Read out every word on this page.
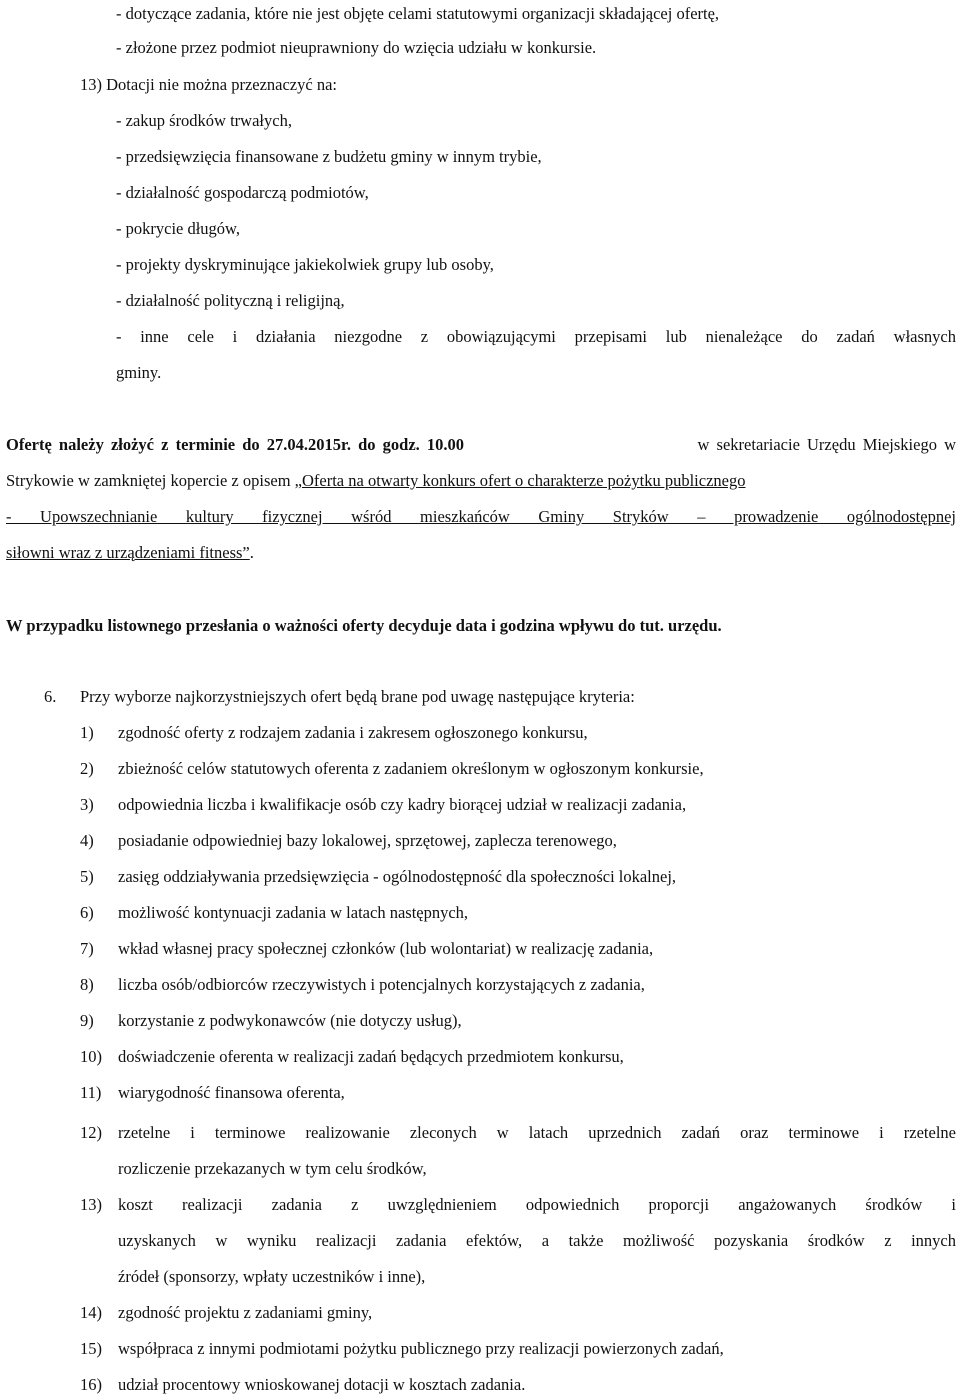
- dotyczące zadania, które nie jest objęte celami statutowymi organizacji składającej ofertę,
- złożone przez podmiot nieuprawniony do wzięcia udziału w konkursie.
13) Dotacji nie można przeznaczyć na:
- zakup środków trwałych,
- przedsięwzięcia finansowane z budżetu gminy w innym trybie,
- działalność gospodarczą podmiotów,
- pokrycie długów,
- projekty dyskryminujące jakiekolwiek grupy lub osoby,
- działalność polityczną i religijną,
- inne cele i działania niezgodne z obowiązującymi przepisami lub nienależące do zadań własnych
gminy.
Ofertę należy złożyć z terminie do 27.04.2015r. do godz. 10.00	w sekretariacie Urzędu Miejskiego w
Strykowie w zamkniętej kopercie z opisem „Oferta na otwarty konkurs ofert o charakterze pożytku publicznego
- Upowszechnianie kultury fizycznej wśród mieszkańców Gminy Stryków – prowadzenie ogólnodostępnej
siłowni wraz z urządzeniami fitness”.
W przypadku listownego przesłania o ważności oferty decyduje data i godzina wpływu do tut. urzędu.
6. Przy wyborze najkorzystniejszych ofert będą brane pod uwagę następujące kryteria:
1) zgodność oferty z rodzajem zadania i zakresem ogłoszonego konkursu,
2) zbieżność celów statutowych oferenta z zadaniem określonym w ogłoszonym konkursie,
3) odpowiednia liczba i kwalifikacje osób czy kadry biorącej udział w realizacji zadania,
4) posiadanie odpowiedniej bazy lokalowej, sprzętowej, zaplecza terenowego,
5) zasięg oddziaływania przedsięwzięcia - ogólnodostępność dla społeczności lokalnej,
6) możliwość kontynuacji zadania w latach następnych,
7) wkład własnej pracy społecznej członków (lub wolontariat) w realizację zadania,
8) liczba osób/odbiorców rzeczywistych i potencjalnych korzystających z zadania,
9) korzystanie z podwykonawców (nie dotyczy usług),
10) doświadczenie oferenta w realizacji zadań będących przedmiotem konkursu,
11) wiarygodność finansowa oferenta,
12) rzetelne i terminowe realizowanie zleconych w latach uprzednich zadań oraz terminowe i rzetelne
rozliczenie przekazanych w tym celu środków,
13) koszt realizacji zadania z uwzględnieniem odpowiednich proporcji angażowanych środków i
uzyskanych w wyniku realizacji zadania efektów, a także możliwość pozyskania środków z innych
źródeł (sponsorzy, wpłaty uczestników i inne),
14) zgodność projektu z zadaniami gminy,
15) współpraca z innymi podmiotami pożytku publicznego przy realizacji powierzonych zadań,
16) udział procentowy wnioskowanej dotacji w kosztach zadania.
